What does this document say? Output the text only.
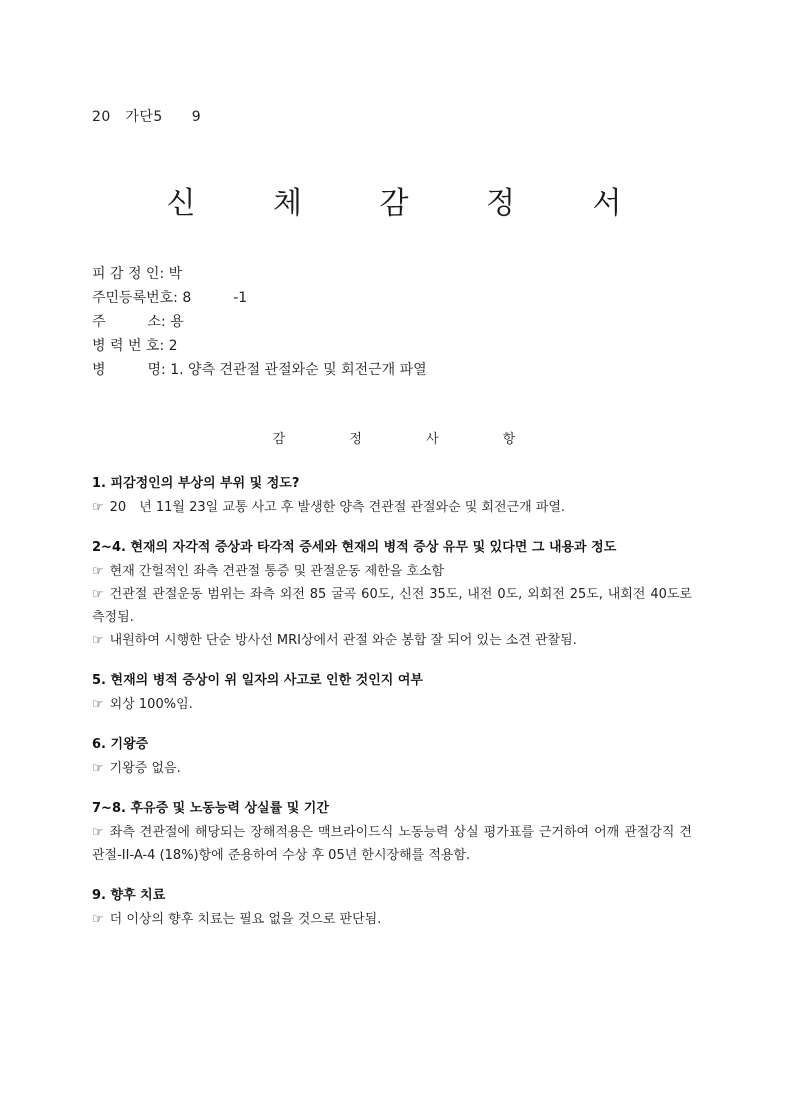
20　가단5　　9
신 체 감 정 서
피 감 정 인: 박
주민등록번호: 8　　　-1
주　　　소: 용
병 력 번 호: 2
병　　　명: 1. 양측 견관절 관절와순 및 회전근개 파열
감 정 사 항
1. 피감정인의 부상의 부위 및 정도?
☞ 20　년 11월 23일 교통 사고 후 발생한 양측 견관절 관절와순 및 회전근개 파열.
2~4. 현재의 자각적 증상과 타각적 증세와 현재의 병적 증상 유무 및 있다면 그 내용과 정도
☞ 현재 간헐적인 좌측 견관절 통증 및 관절운동 제한을 호소함
☞ 건관절 관절운동 범위는 좌측 외전 85 굴곡 60도, 신전 35도, 내전 0도, 외회전 25도, 내회전 40도로 측정됨.
☞ 내원하여 시행한 단순 방사선 MRI상에서 관절 와순 봉합 잘 되어 있는 소견 관찰됨.
5. 현재의 병적 증상이 위 일자의 사고로 인한 것인지 여부
☞ 외상 100%임.
6. 기왕증
☞ 기왕증 없음.
7~8. 후유증 및 노동능력 상실률 및 기간
☞ 좌측 견관절에 해당되는 장해적용은 맥브라이드식 노동능력 상실 평가표를 근거하여 어깨 관절강직 견관절-II-A-4 (18%)항에 준용하여 수상 후 05년 한시장해를 적용함.
9. 향후 치료
☞ 더 이상의 향후 치료는 필요 없을 것으로 판단됨.
